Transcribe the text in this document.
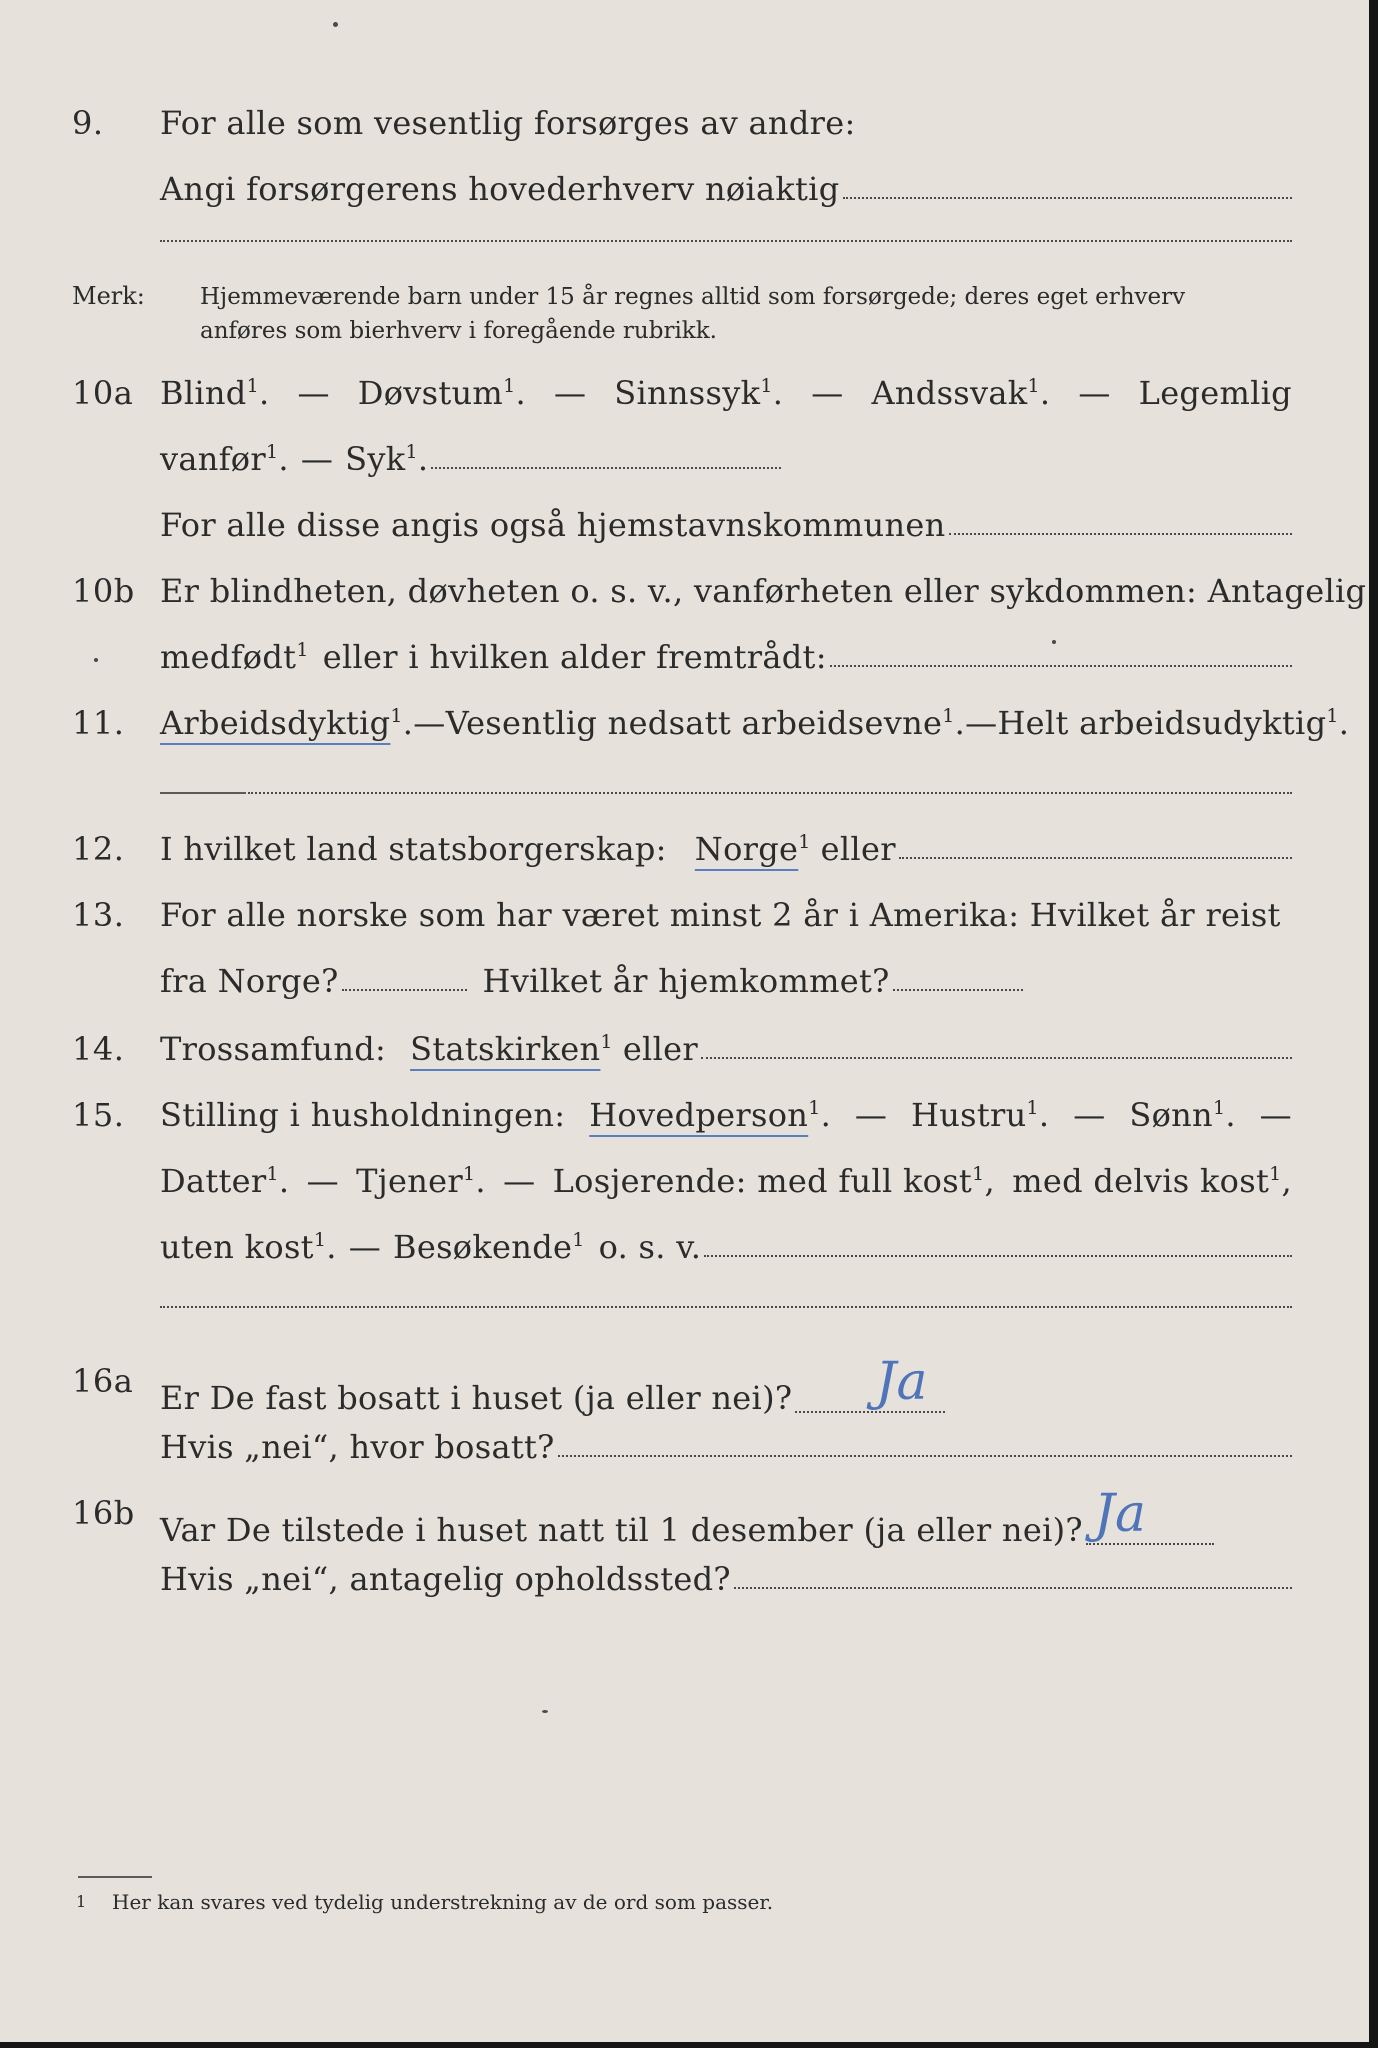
9. For alle som vesentlig forsørges av andre:
Angi forsørgerens hovederhverv nøiaktig
Merk: Hjemmeværende barn under 15 år regnes alltid som forsørgede; deres eget erhverv
anføres som bierhverv i foregående rubrikk.
10a Blind$^1$. — Døvstum$^1$. — Sinnssyk$^1$. — Andssvak$^1$. — Legemlig
vanfør$^1$. — Syk$^1$.
For alle disse angis også hjemstavnskommunen
10b Er blindheten, døvheten o. s. v., vanførheten eller sykdommen: Antagelig
medfødt$^1$ eller i hvilken alder fremtrådt:
11. Arbeidsdyktig$^1$. — Vesentlig nedsatt arbeidsevne$^1$. — Helt arbeidsudyktig$^1$.
12. I hvilket land statsborgerskap: Norge$^1$ eller
13. For alle norske som har været minst 2 år i Amerika: Hvilket år reist
fra Norge?	Hvilket år hjemkommet?
14. Trossamfund: Statskirken$^1$ eller
15. Stilling i husholdningen: Hovedperson$^1$. — Hustru$^1$. — Sønn$^1$. —
Datter$^1$. — Tjener$^1$. — Losjerende: med full kost$^1$, med delvis kost$^1$,
uten kost$^1$. — Besøkende$^1$ o. s. v.
16a Er De fast bosatt i huset (ja eller nei)? Ja
Hvis „nei“, hvor bosatt?
16b Var De tilstede i huset natt til 1 desember (ja eller nei)? Ja
Hvis „nei“, antagelig opholdssted?
1 Her kan svares ved tydelig understrekning av de ord som passer.
